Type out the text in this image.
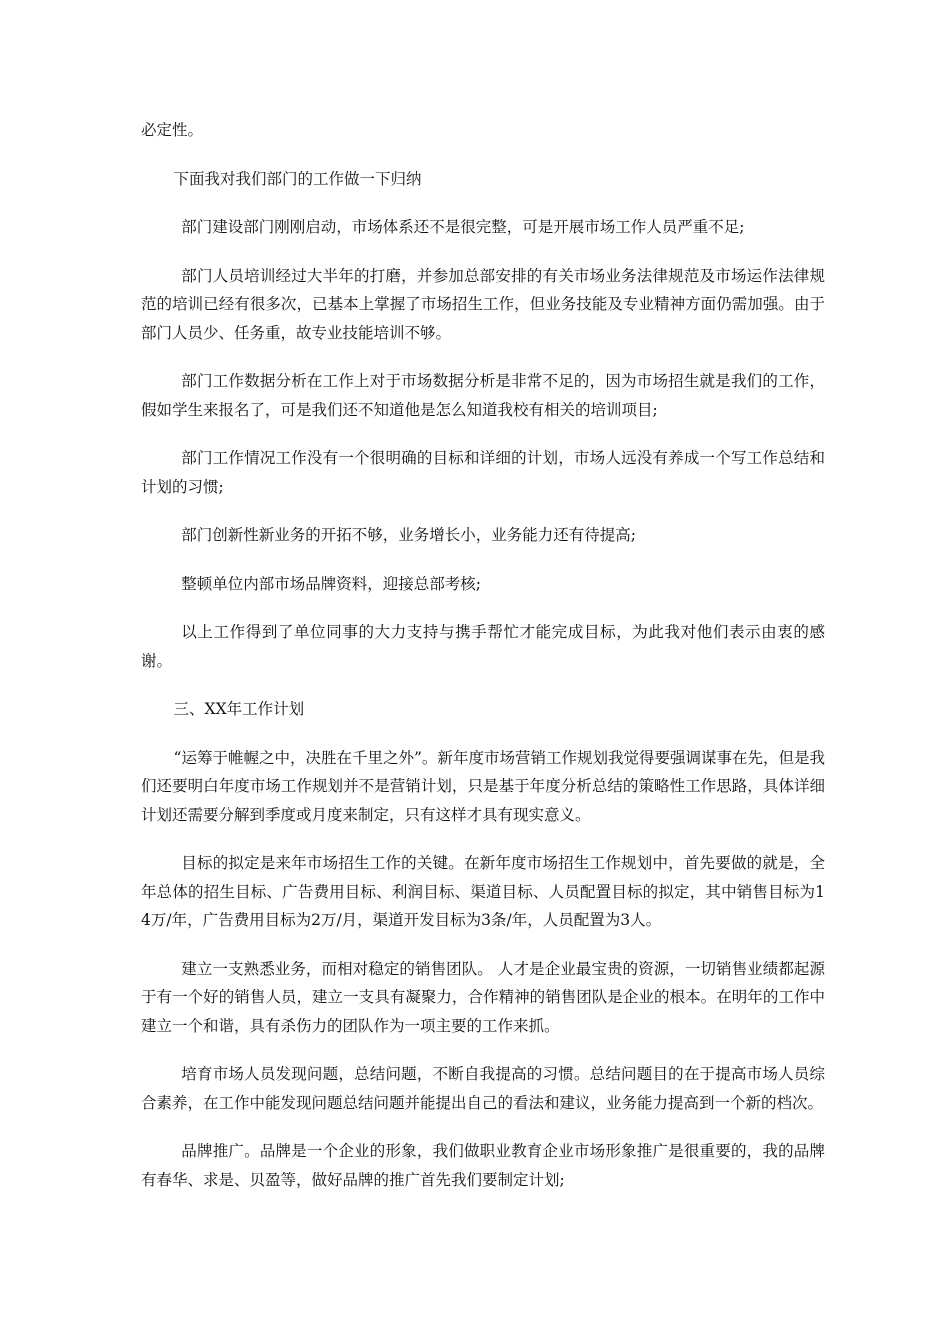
必定性。

下面我对我们部门的工作做一下归纳

部门建设部门刚刚启动，市场体系还不是很完整，可是开展市场工作人员严重不足;

部门人员培训经过大半年的打磨，并参加总部安排的有关市场业务法律规范及市场运作法律规范的培训已经有很多次，已基本上掌握了市场招生工作，但业务技能及专业精神方面仍需加强。由于部门人员少、任务重，故专业技能培训不够。

部门工作数据分析在工作上对于市场数据分析是非常不足的，因为市场招生就是我们的工作，假如学生来报名了，可是我们还不知道他是怎么知道我校有相关的培训项目;

部门工作情况工作没有一个很明确的目标和详细的计划，市场人远没有养成一个写工作总结和计划的习惯;

部门创新性新业务的开拓不够，业务增长小，业务能力还有待提高;

整顿单位内部市场品牌资料，迎接总部考核;

以上工作得到了单位同事的大力支持与携手帮忙才能完成目标，为此我对他们表示由衷的感谢。

三、XX年工作计划

“运筹于帷幄之中，决胜在千里之外”。新年度市场营销工作规划我觉得要强调谋事在先，但是我们还要明白年度市场工作规划并不是营销计划，只是基于年度分析总结的策略性工作思路，具体详细计划还需要分解到季度或月度来制定，只有这样才具有现实意义。

目标的拟定是来年市场招生工作的关键。在新年度市场招生工作规划中，首先要做的就是，全年总体的招生目标、广告费用目标、利润目标、渠道目标、人员配置目标的拟定，其中销售目标为14万/年，广告费用目标为2万/月，渠道开发目标为3条/年，人员配置为3人。

建立一支熟悉业务，而相对稳定的销售团队。 人才是企业最宝贵的资源，一切销售业绩都起源于有一个好的销售人员，建立一支具有凝聚力，合作精神的销售团队是企业的根本。在明年的工作中建立一个和谐，具有杀伤力的团队作为一项主要的工作来抓。

培育市场人员发现问题，总结问题，不断自我提高的习惯。总结问题目的在于提高市场人员综合素养，在工作中能发现问题总结问题并能提出自己的看法和建议，业务能力提高到一个新的档次。

品牌推广。品牌是一个企业的形象，我们做职业教育企业市场形象推广是很重要的，我的品牌有春华、求是、贝盈等，做好品牌的推广首先我们要制定计划;
